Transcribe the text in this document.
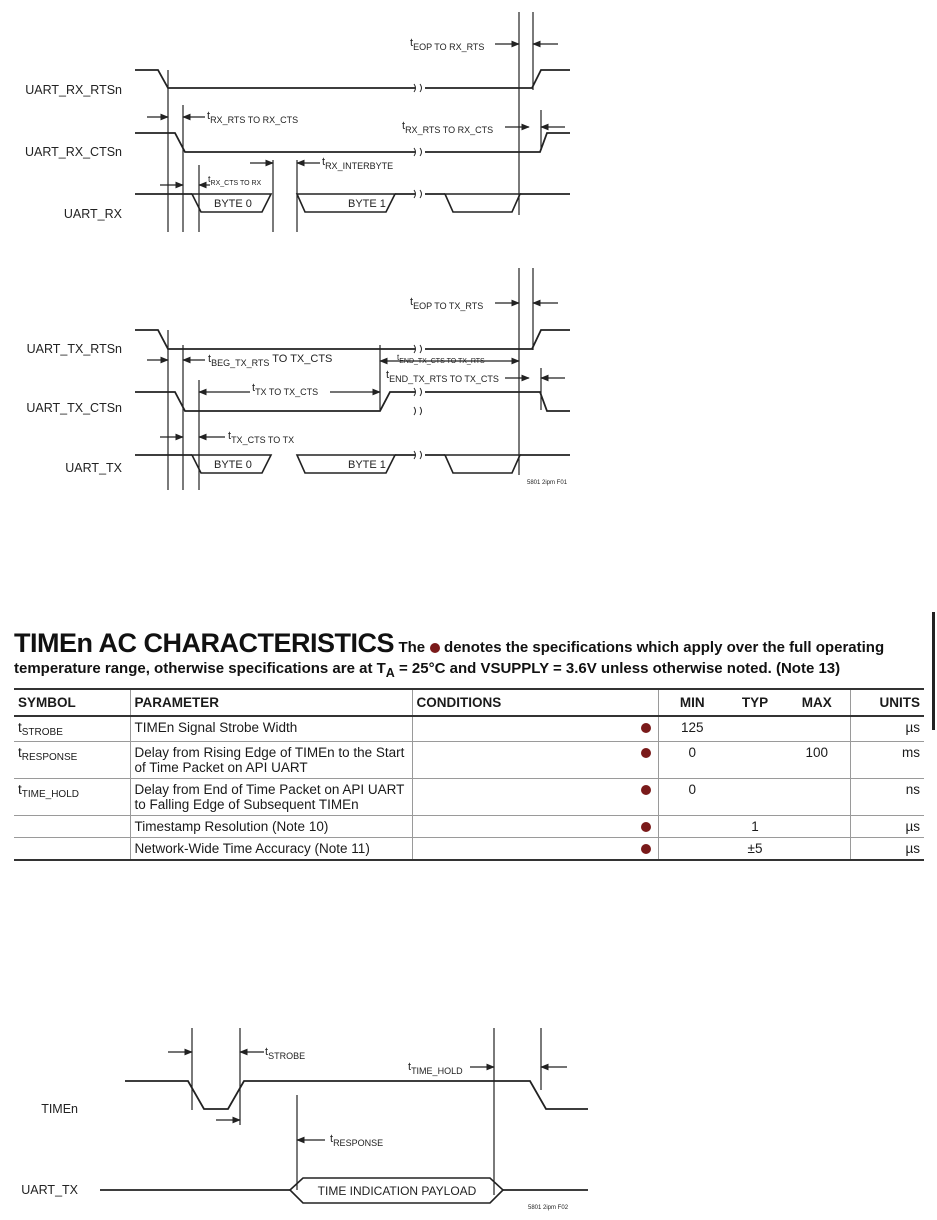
UART_RX_RTSn
UART_RX_CTSn
UART_RX
$t_{EOP TO RX\_RTS}$
$t_{RX\_RTS TO RX\_CTS}$	$t_{RX\_RTS TO RX\_CTS}$
$t_{RX\_INTERBYTE}$
$t_{RX\_CTS TO RX}$
BYTE 0	BYTE 1
UART_TX_RTSn
UART_TX_CTSn
UART_TX
$t_{EOP TO TX\_RTS}$
$t_{BEG\_TX\_RTS}$ TO TX_CTS	tEND_TX_CTS TO TX_RTS
$t_{END\_TX\_RTS TO TX\_CTS}$
$t_{TX TO TX\_CTS}$
$t_{TX\_CTS TO TX}$
BYTE 0	BYTE 1
5801 2ipm F01
TIMEn AC CHARACTERISTICS The denotes the specifications which apply over the full operating
temperature range, otherwise specifications are at $T_A = 25^\circ C$ and VSUPPLY = 3.6V unless otherwise noted. (Note 13)
SYMBOL	PARAMETER	CONDITIONS		MIN	TYP	MAX	UNITS
$t_{STROBE}$	TIMEn Signal Strobe Width			125			µs
$t_{RESPONSE}$	Delay from Rising Edge of TIMEn to the Start of Time Packet on API UART			0		100	ms
$t_{TIME\_HOLD}$	Delay from End of Time Packet on API UART to Falling Edge of Subsequent TIMEn			0			ns
	Timestamp Resolution (Note 10)				1		µs
	Network-Wide Time Accuracy (Note 11)				±5		µs
TIMEn
UART_TX
$t_{STROBE}$
$t_{TIME\_HOLD}$
$t_{RESPONSE}$
TIME INDICATION PAYLOAD
5801 2ipm F02
